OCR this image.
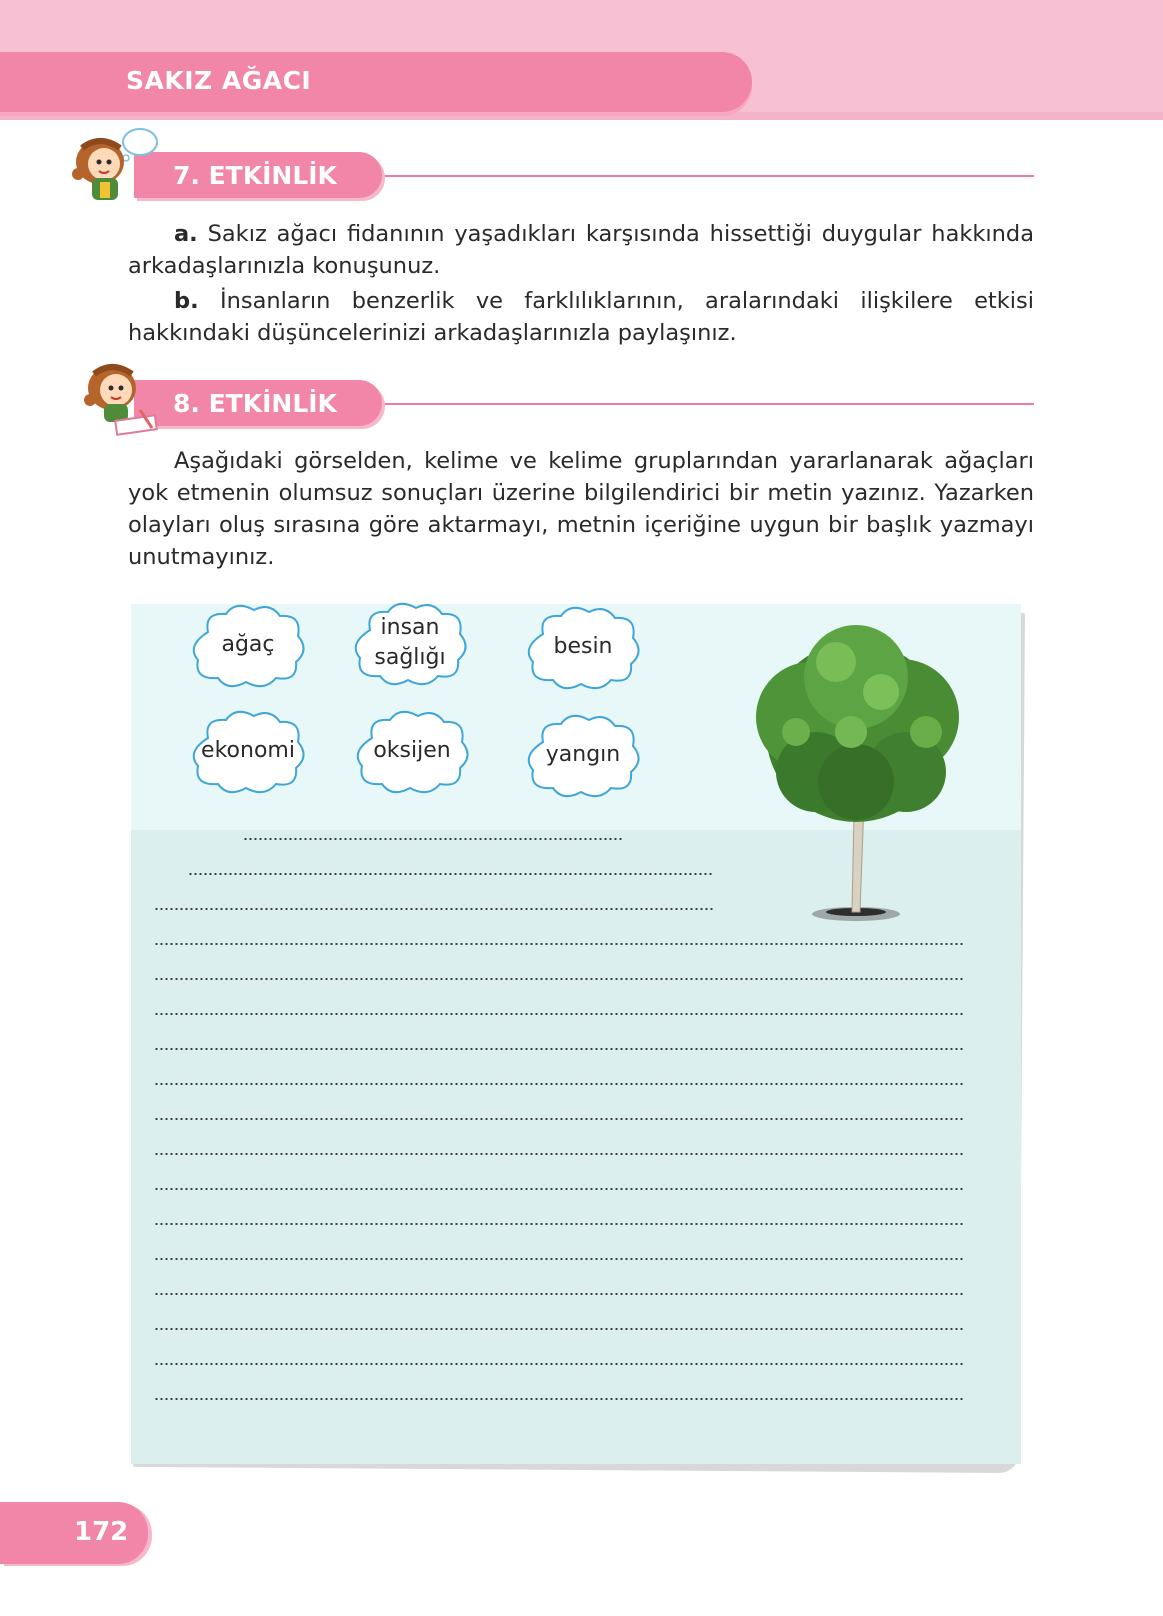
SAKIZ AĞACI
7. ETKİNLİK
a. Sakız ağacı fidanının yaşadıkları karşısında hissettiği duygular hakkında arkadaşlarınızla konuşunuz.
b. İnsanların benzerlik ve farklılıklarının, aralarındaki ilişkilere etkisi hakkındaki düşüncelerinizi arkadaşlarınızla paylaşınız.
8. ETKİNLİK
Aşağıdaki görselden, kelime ve kelime gruplarından yararlanarak ağaçları yok etmenin olumsuz sonuçları üzerine bilgilendirici bir metin yazınız. Yazarken olayları oluş sırasına göre aktarmayı, metnin içeriğine uygun bir başlık yazmayı unutmayınız.
ağaç
insan
sağlığı	besin
ekonomi	oksijen	yangın
172
